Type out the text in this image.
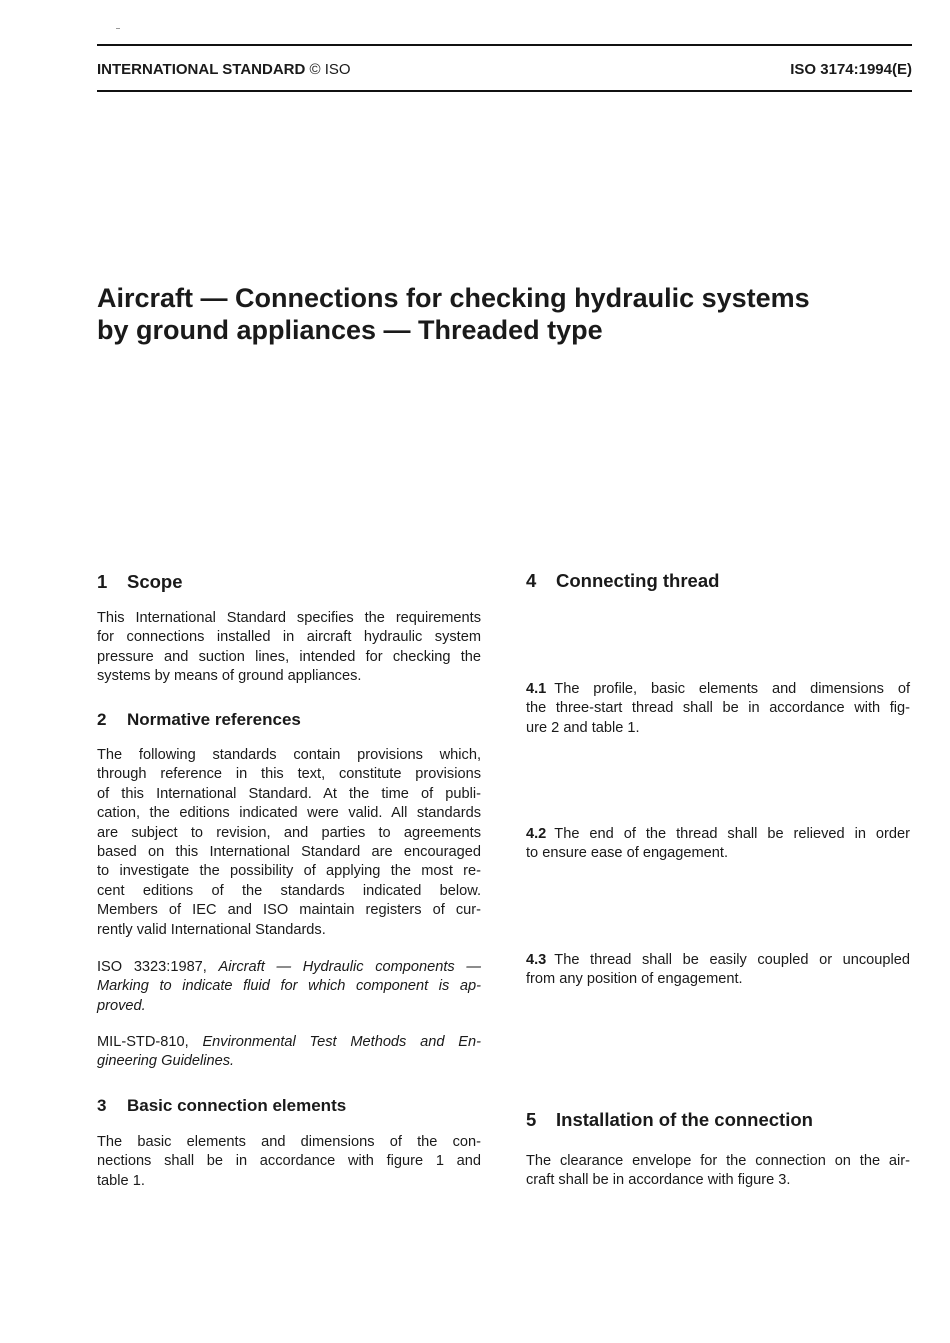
INTERNATIONAL STANDARD © ISO	ISO 3174:1994(E)
Aircraft — Connections for checking hydraulic systems
by ground appliances — Threaded type
1 Scope
This International Standard specifies the requirements
for connections installed in aircraft hydraulic system
pressure and suction lines, intended for checking the
systems by means of ground appliances.
2 Normative references
The following standards contain provisions which,
through reference in this text, constitute provisions
of this International Standard. At the time of publi-
cation, the editions indicated were valid. All standards
are subject to revision, and parties to agreements
based on this International Standard are encouraged
to investigate the possibility of applying the most re-
cent editions of the standards indicated below.
Members of IEC and ISO maintain registers of cur-
rently valid International Standards.
ISO 3323:1987, Aircraft — Hydraulic components —
Marking to indicate fluid for which component is ap-
proved.
MIL-STD-810, Environmental Test Methods and En-
gineering Guidelines.
3 Basic connection elements
The basic elements and dimensions of the con-
nections shall be in accordance with figure 1 and
table 1.
4 Connecting thread
4.1 The profile, basic elements and dimensions of
the three-start thread shall be in accordance with fig-
ure 2 and table 1.
4.2 The end of the thread shall be relieved in order
to ensure ease of engagement.
4.3 The thread shall be easily coupled or uncoupled
from any position of engagement.
5 Installation of the connection
The clearance envelope for the connection on the air-
craft shall be in accordance with figure 3.
